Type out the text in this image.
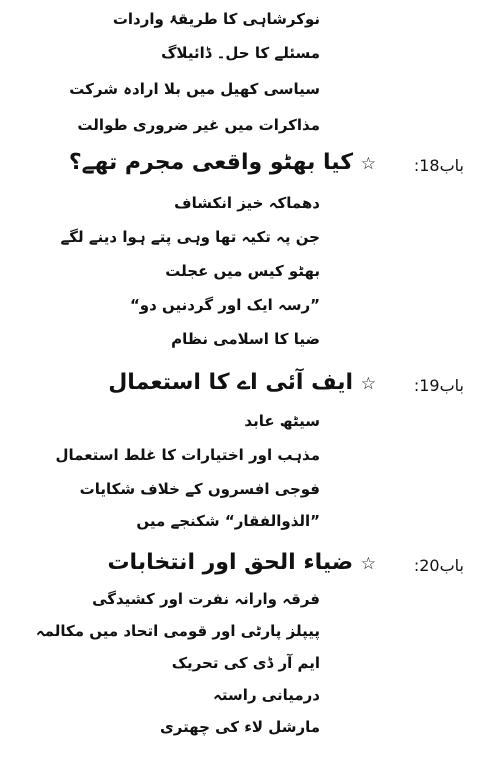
نوکرشاہی کا طریقۂ واردات
مسئلے کا حل۔ ڈائیلاگ
سیاسی کھیل میں بلا ارادہ شرکت
مذاکرات میں غیر ضروری طوالت
باب18:
☆ کیا بھٹو واقعی مجرم تھے؟
دھماکہ خیز انکشاف
جن پہ تکیہ تھا وہی پتے ہوا دینے لگے
بھٹو کیس میں عجلت
”رسہ ایک اور گردنیں دو“
ضیا کا اسلامی نظام
باب19:
☆ ایف آئی اے کا استعمال
سیٹھ عابد
مذہب اور اختیارات کا غلط استعمال
فوجی افسروں کے خلاف شکایات
”الذوالفقار“ شکنجے میں
باب20:
☆ ضیاء الحق اور انتخابات
فرقہ وارانہ نفرت اور کشیدگی
پیپلز پارٹی اور قومی اتحاد میں مکالمہ
ایم آر ڈی کی تحریک
درمیانی راستہ
مارشل لاء کی چھتری
